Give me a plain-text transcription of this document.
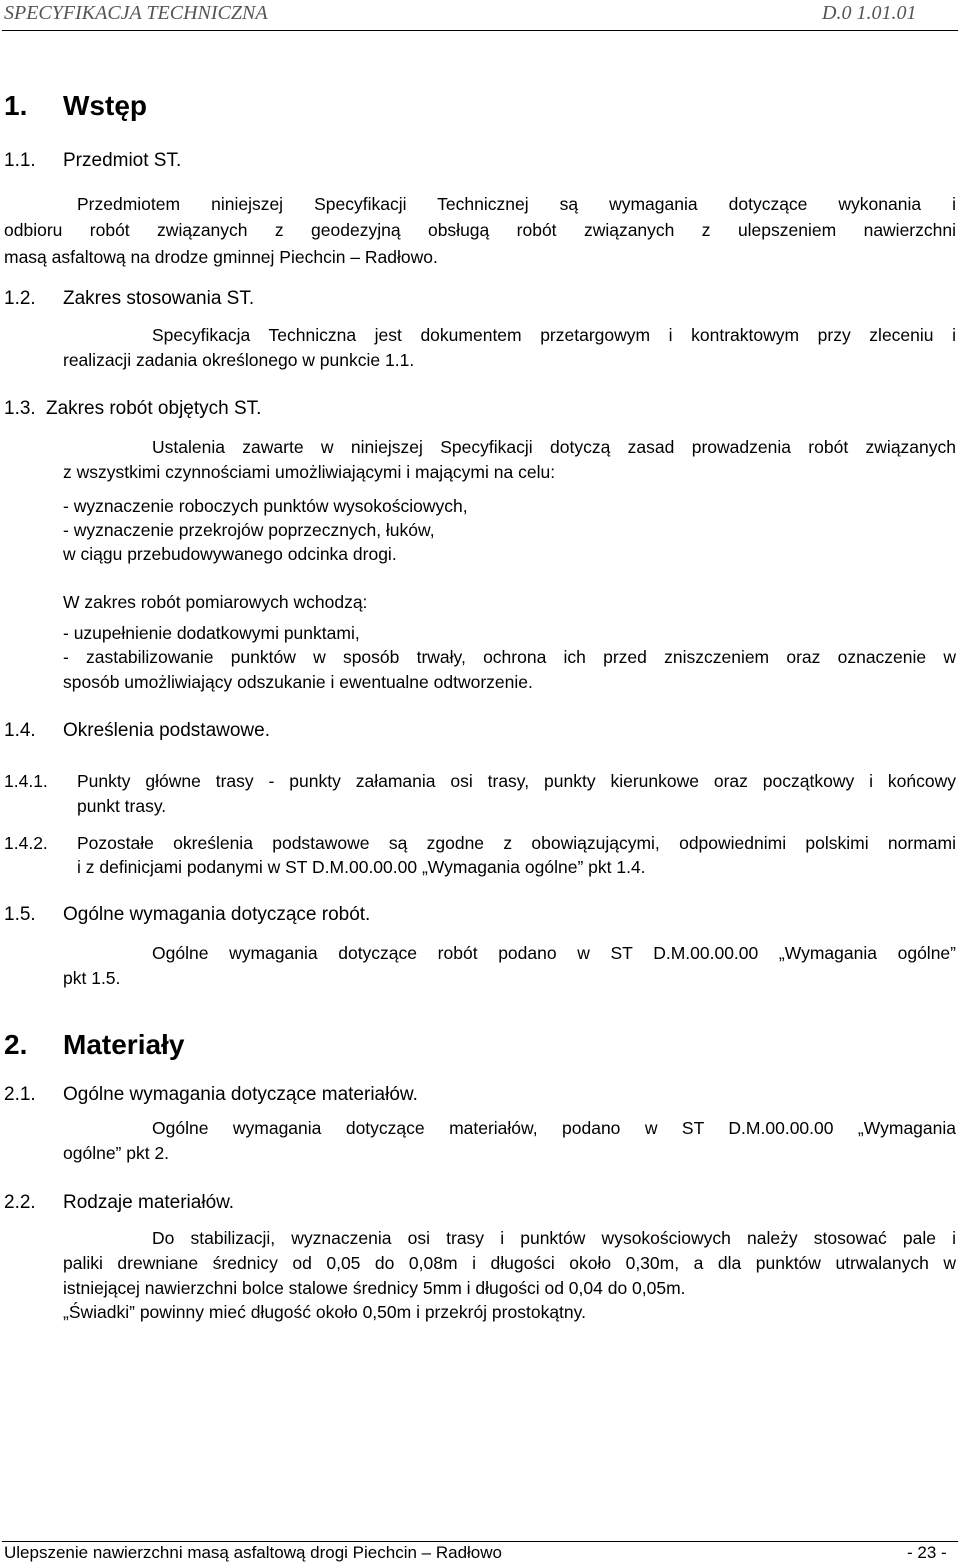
SPECYFIKACJA TECHNICZNA	D.0 1.01.01
1. Wstęp
1.1. Przedmiot ST.
Przedmiotem niniejszej Specyfikacji Technicznej są wymagania dotyczące wykonania i
odbioru robót związanych z geodezyjną obsługą robót związanych z ulepszeniem nawierzchni
masą asfaltową na drodze gminnej Piechcin – Radłowo.
1.2. Zakres stosowania ST.
Specyfikacja Techniczna jest dokumentem przetargowym i kontraktowym przy zleceniu i
realizacji zadania określonego w punkcie 1.1.
1.3. Zakres robót objętych ST.
Ustalenia zawarte w niniejszej Specyfikacji dotyczą zasad prowadzenia robót związanych
z wszystkimi czynnościami umożliwiającymi i mającymi na celu:
- wyznaczenie roboczych punktów wysokościowych,
- wyznaczenie przekrojów poprzecznych, łuków,
w ciągu przebudowywanego odcinka drogi.
W zakres robót pomiarowych wchodzą:
- uzupełnienie dodatkowymi punktami,
- zastabilizowanie punktów w sposób trwały, ochrona ich przed zniszczeniem oraz oznaczenie w
sposób umożliwiający odszukanie i ewentualne odtworzenie.
1.4. Określenia podstawowe.
1.4.1. Punkty główne trasy - punkty załamania osi trasy, punkty kierunkowe oraz początkowy i końcowy
punkt trasy.
1.4.2. Pozostałe określenia podstawowe są zgodne z obowiązującymi, odpowiednimi polskimi normami
i z definicjami podanymi w ST D.M.00.00.00 „Wymagania ogólne” pkt 1.4.
1.5. Ogólne wymagania dotyczące robót.
Ogólne wymagania dotyczące robót podano w ST D.M.00.00.00 „Wymagania ogólne”
pkt 1.5.
2. Materiały
2.1. Ogólne wymagania dotyczące materiałów.
Ogólne wymagania dotyczące materiałów, podano w ST D.M.00.00.00 „Wymagania
ogólne” pkt 2.
2.2. Rodzaje materiałów.
Do stabilizacji, wyznaczenia osi trasy i punktów wysokościowych należy stosować pale i
paliki drewniane średnicy od 0,05 do 0,08m i długości około 0,30m, a dla punktów utrwalanych w
istniejącej nawierzchni bolce stalowe średnicy 5mm i długości od 0,04 do 0,05m.
„Świadki” powinny mieć długość około 0,50m i przekrój prostokątny.
Ulepszenie nawierzchni masą asfaltową drogi Piechcin – Radłowo	- 23 -
